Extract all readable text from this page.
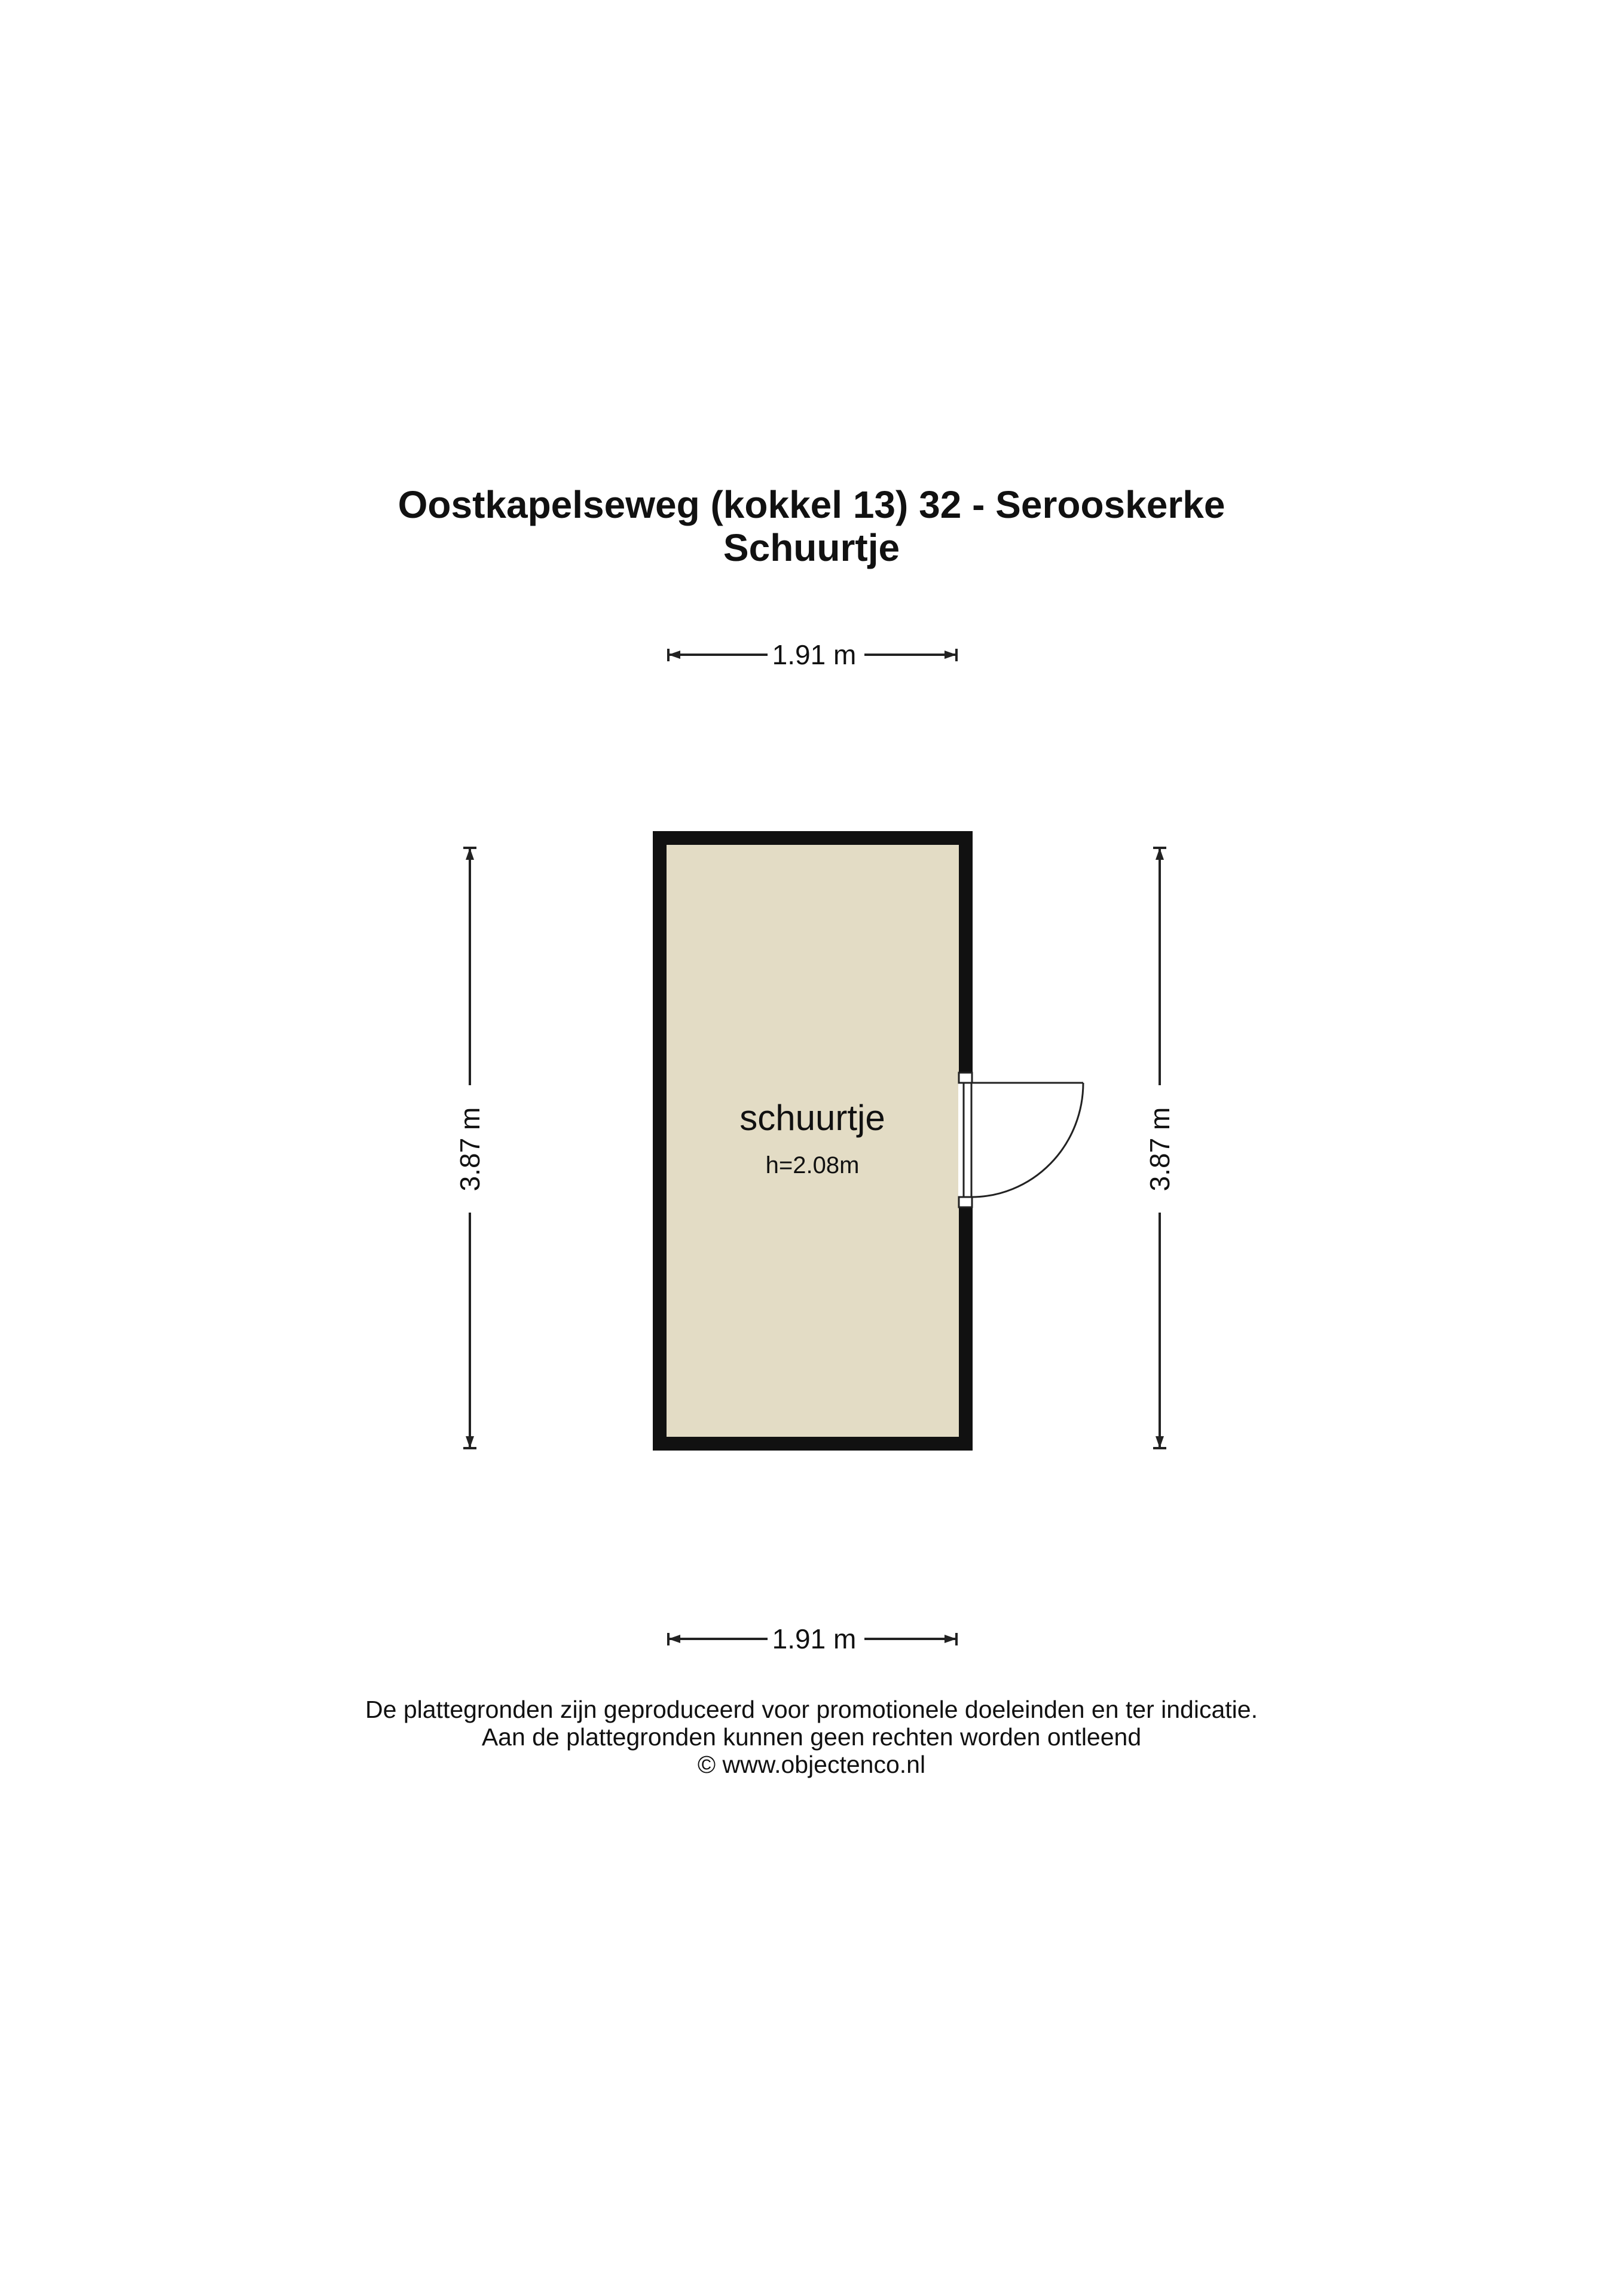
Oostkapelseweg (kokkel 13) 32 - Serooskerke
Schuurtje
1.91 m
3.87 m	3.87 m
schuurtje
h=2.08m
1.91 m
De plattegronden zijn geproduceerd voor promotionele doeleinden en ter indicatie.
Aan de plattegronden kunnen geen rechten worden ontleend
© www.objectenco.nl
